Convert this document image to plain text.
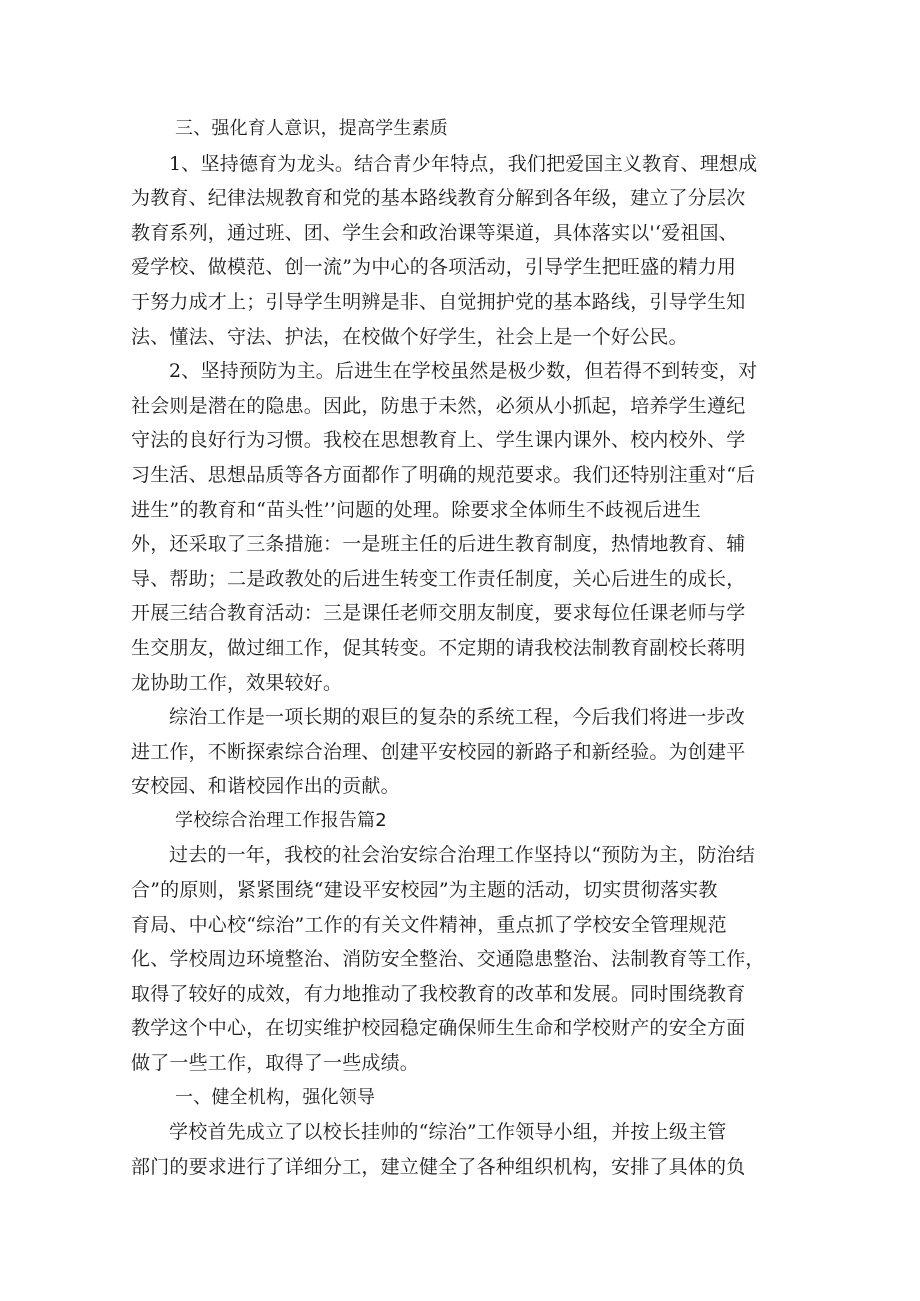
三、强化育人意识，提高学生素质
1、坚持德育为龙头。结合青少年特点，我们把爱国主义教育、理想成
为教育、纪律法规教育和党的基本路线教育分解到各年级，建立了分层次
教育系列，通过班、团、学生会和政治课等渠道，具体落实以'‘爱祖国、
爱学校、做模范、创一流”为中心的各项活动，引导学生把旺盛的精力用
于努力成才上；引导学生明辨是非、自觉拥护党的基本路线，引导学生知
法、懂法、守法、护法，在校做个好学生，社会上是一个好公民。
2、坚持预防为主。后进生在学校虽然是极少数，但若得不到转变，对
社会则是潜在的隐患。因此，防患于未然，必须从小抓起，培养学生遵纪
守法的良好行为习惯。我校在思想教育上、学生课内课外、校内校外、学
习生活、思想品质等各方面都作了明确的规范要求。我们还特别注重对“后
进生”的教育和“苗头性’’问题的处理。除要求全体师生不歧视后进生
外，还采取了三条措施：一是班主任的后进生教育制度，热情地教育、辅
导、帮助；二是政教处的后进生转变工作责任制度，关心后进生的成长，
开展三结合教育活动：三是课任老师交朋友制度，要求每位任课老师与学
生交朋友，做过细工作，促其转变。不定期的请我校法制教育副校长蒋明
龙协助工作，效果较好。
综治工作是一项长期的艰巨的复杂的系统工程，今后我们将进一步改
进工作，不断探索综合治理、创建平安校园的新路子和新经验。为创建平
安校园、和谐校园作出的贡献。
学校综合治理工作报告篇2
过去的一年，我校的社会治安综合治理工作坚持以“预防为主，防治结
合”的原则，紧紧围绕“建设平安校园”为主题的活动，切实贯彻落实教
育局、中心校“综治”工作的有关文件精神，重点抓了学校安全管理规范
化、学校周边环境整治、消防安全整治、交通隐患整治、法制教育等工作，
取得了较好的成效，有力地推动了我校教育的改革和发展。同时围绕教育
教学这个中心，在切实维护校园稳定确保师生生命和学校财产的安全方面
做了一些工作，取得了一些成绩。
一、健全机构，强化领导
学校首先成立了以校长挂帅的“综治”工作领导小组，并按上级主管
部门的要求进行了详细分工，建立健全了各种组织机构，安排了具体的负
